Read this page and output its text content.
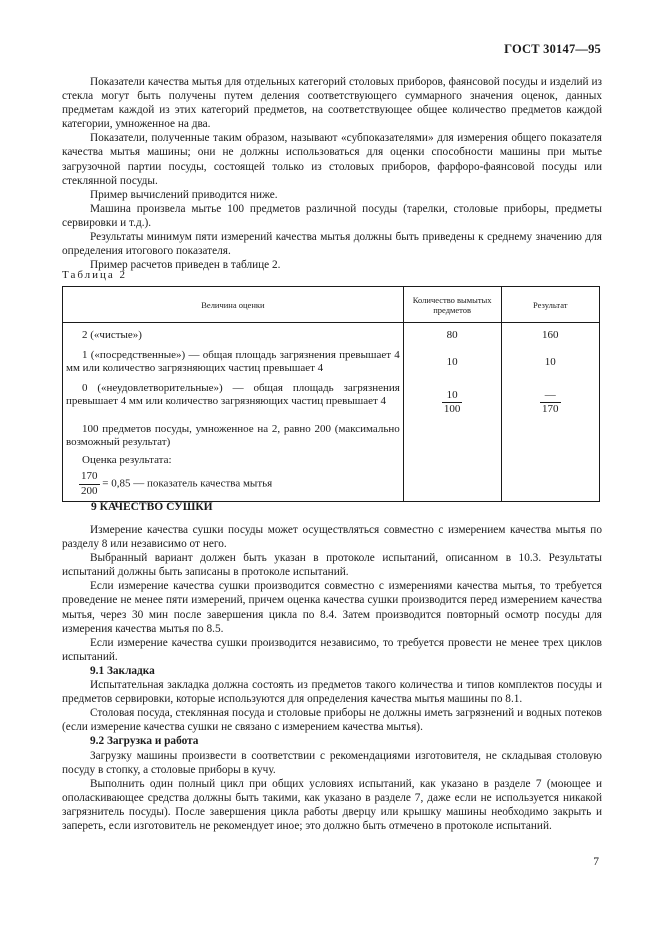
ГОСТ 30147—95

Показатели качества мытья для отдельных категорий столовых приборов, фаянсовой посуды и изделий из стекла могут быть получены путем деления соответствующего суммарного значения оценок, данных предметам каждой из этих категорий предметов, на соответствующее общее количество предметов каждой категории, умноженное на два.

Показатели, полученные таким образом, называют «субпоказателями» для измерения общего показателя качества мытья машины; они не должны использоваться для оценки способности машины при мытье загрузочной партии посуды, состоящей только из столовых приборов, фарфоро-фаянсовой посуды или стеклянной посуды.

Пример вычислений приводится ниже.

Машина произвела мытье 100 предметов различной посуды (тарелки, столовые приборы, предметы сервировки и т.д.).

Результаты минимум пяти измерений качества мытья должны быть приведены к среднему значению для определения итогового показателя.

Пример расчетов приведен в таблице 2.

Таблица 2
Величина оценки	Количество вымытых предметов	Результат

2 («чистые»)	80	160

1 («посредственные») — общая площадь загрязнения превышает 4 мм или количество загрязняющих частиц превышает 4	10	10

0 («неудовлетворительные») — общая площадь загрязнения превышает 4 мм или количество загрязняющих частиц превышает 4	$\frac{10}{100}$	$\frac{—}{170}$

100 предметов посуды, умноженное на 2, равно 200 (максимально возможный результат)		

Оценка результата:		

$\frac{170}{200} = 0,85$ — показатель качества мытья		

9 КАЧЕСТВО СУШКИ

Измерение качества сушки посуды может осуществляться совместно с измерением качества мытья по разделу 8 или независимо от него.

Выбранный вариант должен быть указан в протоколе испытаний, описанном в 10.3. Результаты испытаний должны быть записаны в протоколе испытаний.

Если измерение качества сушки производится совместно с измерениями качества мытья, то требуется проведение не менее пяти измерений, причем оценка качества сушки производится перед измерением качества мытья, через 30 мин после завершения цикла по 8.4. Затем производится повторный осмотр посуды для измерения качества мытья по 8.5.

Если измерение качества сушки производится независимо, то требуется провести не менее трех циклов испытаний.

9.1 Закладка

Испытательная закладка должна состоять из предметов такого количества и типов комплектов посуды и предметов сервировки, которые используются для определения качества мытья машины по 8.1.

Столовая посуда, стеклянная посуда и столовые приборы не должны иметь загрязнений и водных потеков (если измерение качества сушки не связано с измерением качества мытья).

9.2 Загрузка и работа

Загрузку машины произвести в соответствии с рекомендациями изготовителя, не складывая столовую посуду в стопку, а столовые приборы в кучу.

Выполнить один полный цикл при общих условиях испытаний, как указано в разделе 7 (моющее и ополаскивающее средства должны быть такими, как указано в разделе 7, даже если не используется никакой загрязнитель посуды). После завершения цикла работы дверцу или крышку машины необходимо закрыть и запереть, если изготовитель не рекомендует иное; это должно быть отмечено в протоколе испытаний.

7
